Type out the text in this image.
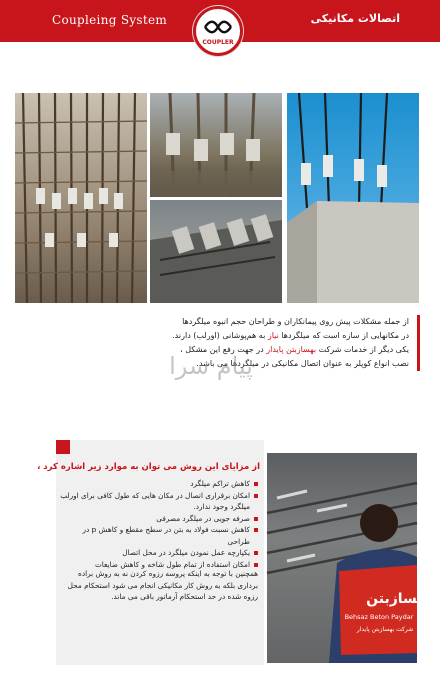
Coupleing System	اتصالات مکانیکی
COUPLER
از جمله مشکلات پیش روی پیمانکاران و طراحان حجم انبوه میلگردها
در مکانهایی از سازه است که میلگردها نیاز به هم‌پوشانی (اورلب) دارند.
یکی دیگر از خدمات شرکت بهسازبتن پایدار در جهت رفع این مشکل ،
نصب انواع کوپلر به عنوان اتصال مکانیکی در میلگردها می باشد.
پیام سرا
از مزایای این روش می توان به موارد زیر اشاره کرد ،
کاهش تراکم میلگرد
امکان برقراری اتصال در مکان هایی که طول کافی برای اورلب میلگرد وجود ندارد.
صرفه جویی در میلگرد مصرفی
کاهش نسبت فولاد به بتن در سطح مقطع و کاهش p در طراحی
یکپارچه عمل نمودن میلگرد در محل اتصال
امکان استفاده از تمام طول شاخه و کاهش ضایعات
همچنین با توجه به اینکه پروسه رزوه کردن نه به روش براده برداری بلکه به روش کار مکانیکی انجام می شود استحکام محل رزوه شده در حد استحکام آرماتور باقی می ماند.	بهسازبتن
Behsaz Beton Paydar
شرکت بهسازبتن پایدار
